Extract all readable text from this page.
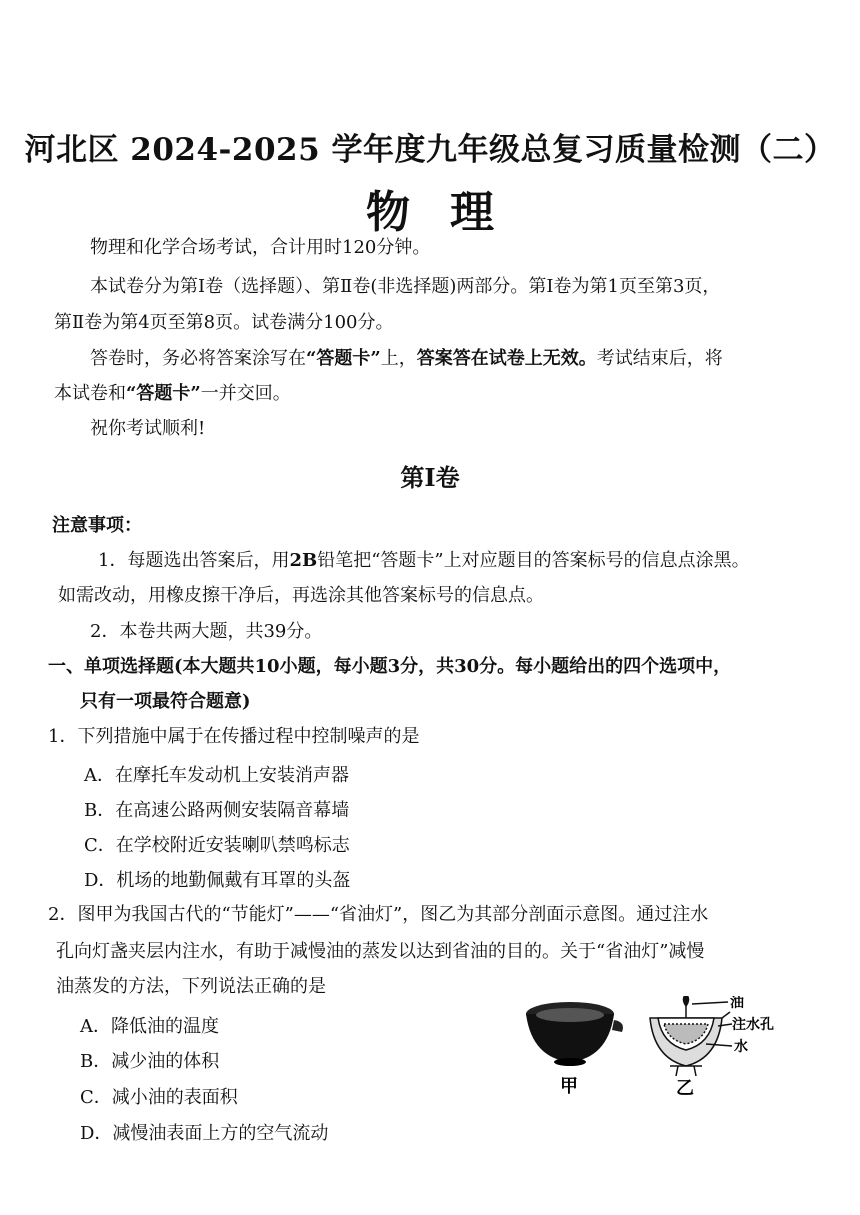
河北区 2024-2025 学年度九年级总复习质量检测（二）
物理
物理和化学合场考试，合计用时120分钟。
本试卷分为第Ⅰ卷（选择题）、第Ⅱ卷(非选择题)两部分。第Ⅰ卷为第1页至第3页，
第Ⅱ卷为第4页至第8页。试卷满分100分。
答卷时，务必将答案涂写在“答题卡”上，答案答在试卷上无效。考试结束后，将
本试卷和“答题卡”一并交回。
祝你考试顺利!
第Ⅰ卷
注意事项：
1．每题选出答案后，用2B铅笔把“答题卡”上对应题目的答案标号的信息点涂黑。
如需改动，用橡皮擦干净后，再选涂其他答案标号的信息点。
2．本卷共两大题，共39分。
一、单项选择题(本大题共10小题，每小题3分，共30分。每小题给出的四个选项中，
只有一项最符合题意)
1．下列措施中属于在传播过程中控制噪声的是
A．在摩托车发动机上安装消声器
B．在高速公路两侧安装隔音幕墙
C．在学校附近安装喇叭禁鸣标志
D．机场的地勤佩戴有耳罩的头盔
2．图甲为我国古代的“节能灯”——“省油灯”，图乙为其部分剖面示意图。通过注水
孔向灯盏夹层内注水，有助于减慢油的蒸发以达到省油的目的。关于“省油灯”减慢
油蒸发的方法，下列说法正确的是
A．降低油的温度
B．减少油的体积
C．减小油的表面积
D．减慢油表面上方的空气流动
甲
油
注水孔
水
乙
